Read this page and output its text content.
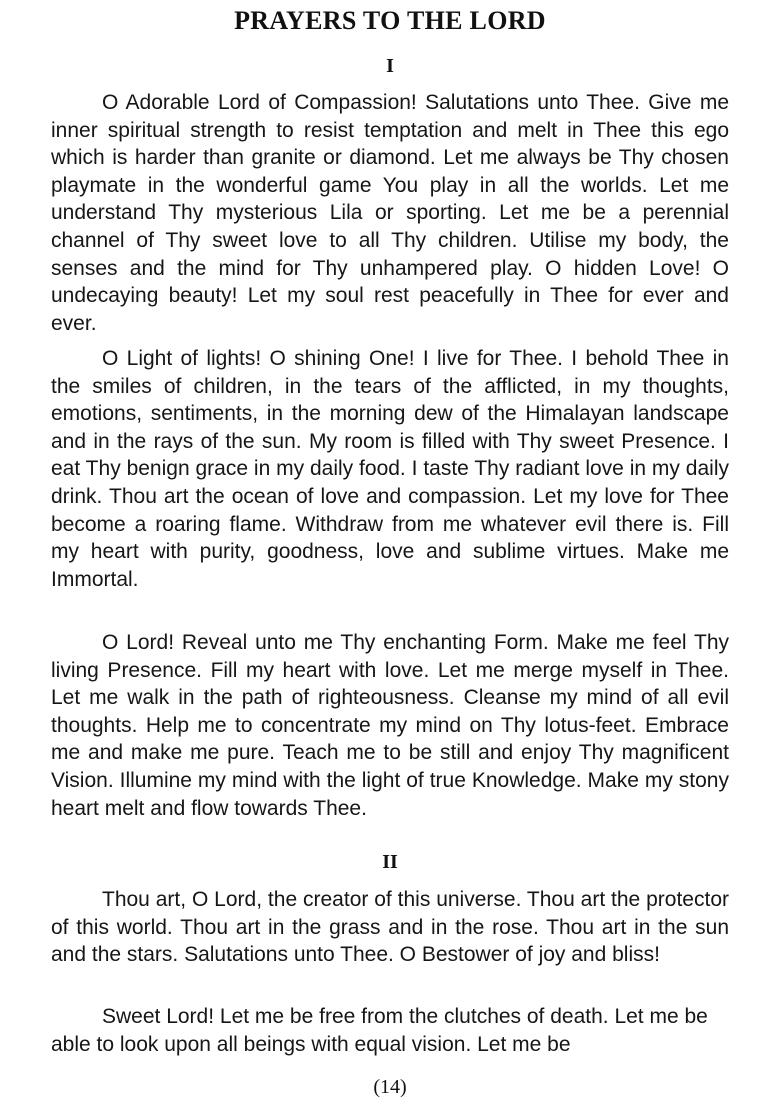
PRAYERS TO THE LORD
I

O Adorable Lord of Compassion! Salutations unto Thee. Give me inner spiritual strength to resist temptation and melt in Thee this ego which is harder than granite or diamond. Let me always be Thy chosen playmate in the wonderful game You play in all the worlds. Let me understand Thy mysterious Lila or sporting. Let me be a perennial channel of Thy sweet love to all Thy children. Utilise my body, the senses and the mind for Thy unhampered play. O hidden Love! O undecaying beauty! Let my soul rest peacefully in Thee for ever and ever.

O Light of lights! O shining One! I live for Thee. I behold Thee in the smiles of children, in the tears of the afflicted, in my thoughts, emotions, sentiments, in the morning dew of the Himalayan landscape and in the rays of the sun. My room is filled with Thy sweet Presence. I eat Thy benign grace in my daily food. I taste Thy radiant love in my daily drink. Thou art the ocean of love and compassion. Let my love for Thee become a roaring flame. Withdraw from me whatever evil there is. Fill my heart with purity, goodness, love and sublime virtues. Make me Immortal.

O Lord! Reveal unto me Thy enchanting Form. Make me feel Thy living Presence. Fill my heart with love. Let me merge myself in Thee. Let me walk in the path of righteousness. Cleanse my mind of all evil thoughts. Help me to concentrate my mind on Thy lotus-feet. Embrace me and make me pure. Teach me to be still and enjoy Thy magnificent Vision. Illumine my mind with the light of true Knowledge. Make my stony heart melt and flow towards Thee.

II

Thou art, O Lord, the creator of this universe. Thou art the protector of this world. Thou art in the grass and in the rose. Thou art in the sun and the stars. Salutations unto Thee. O Bestower of joy and bliss!

Sweet Lord! Let me be free from the clutches of death. Let me be able to look upon all beings with equal vision. Let me be

(14)
